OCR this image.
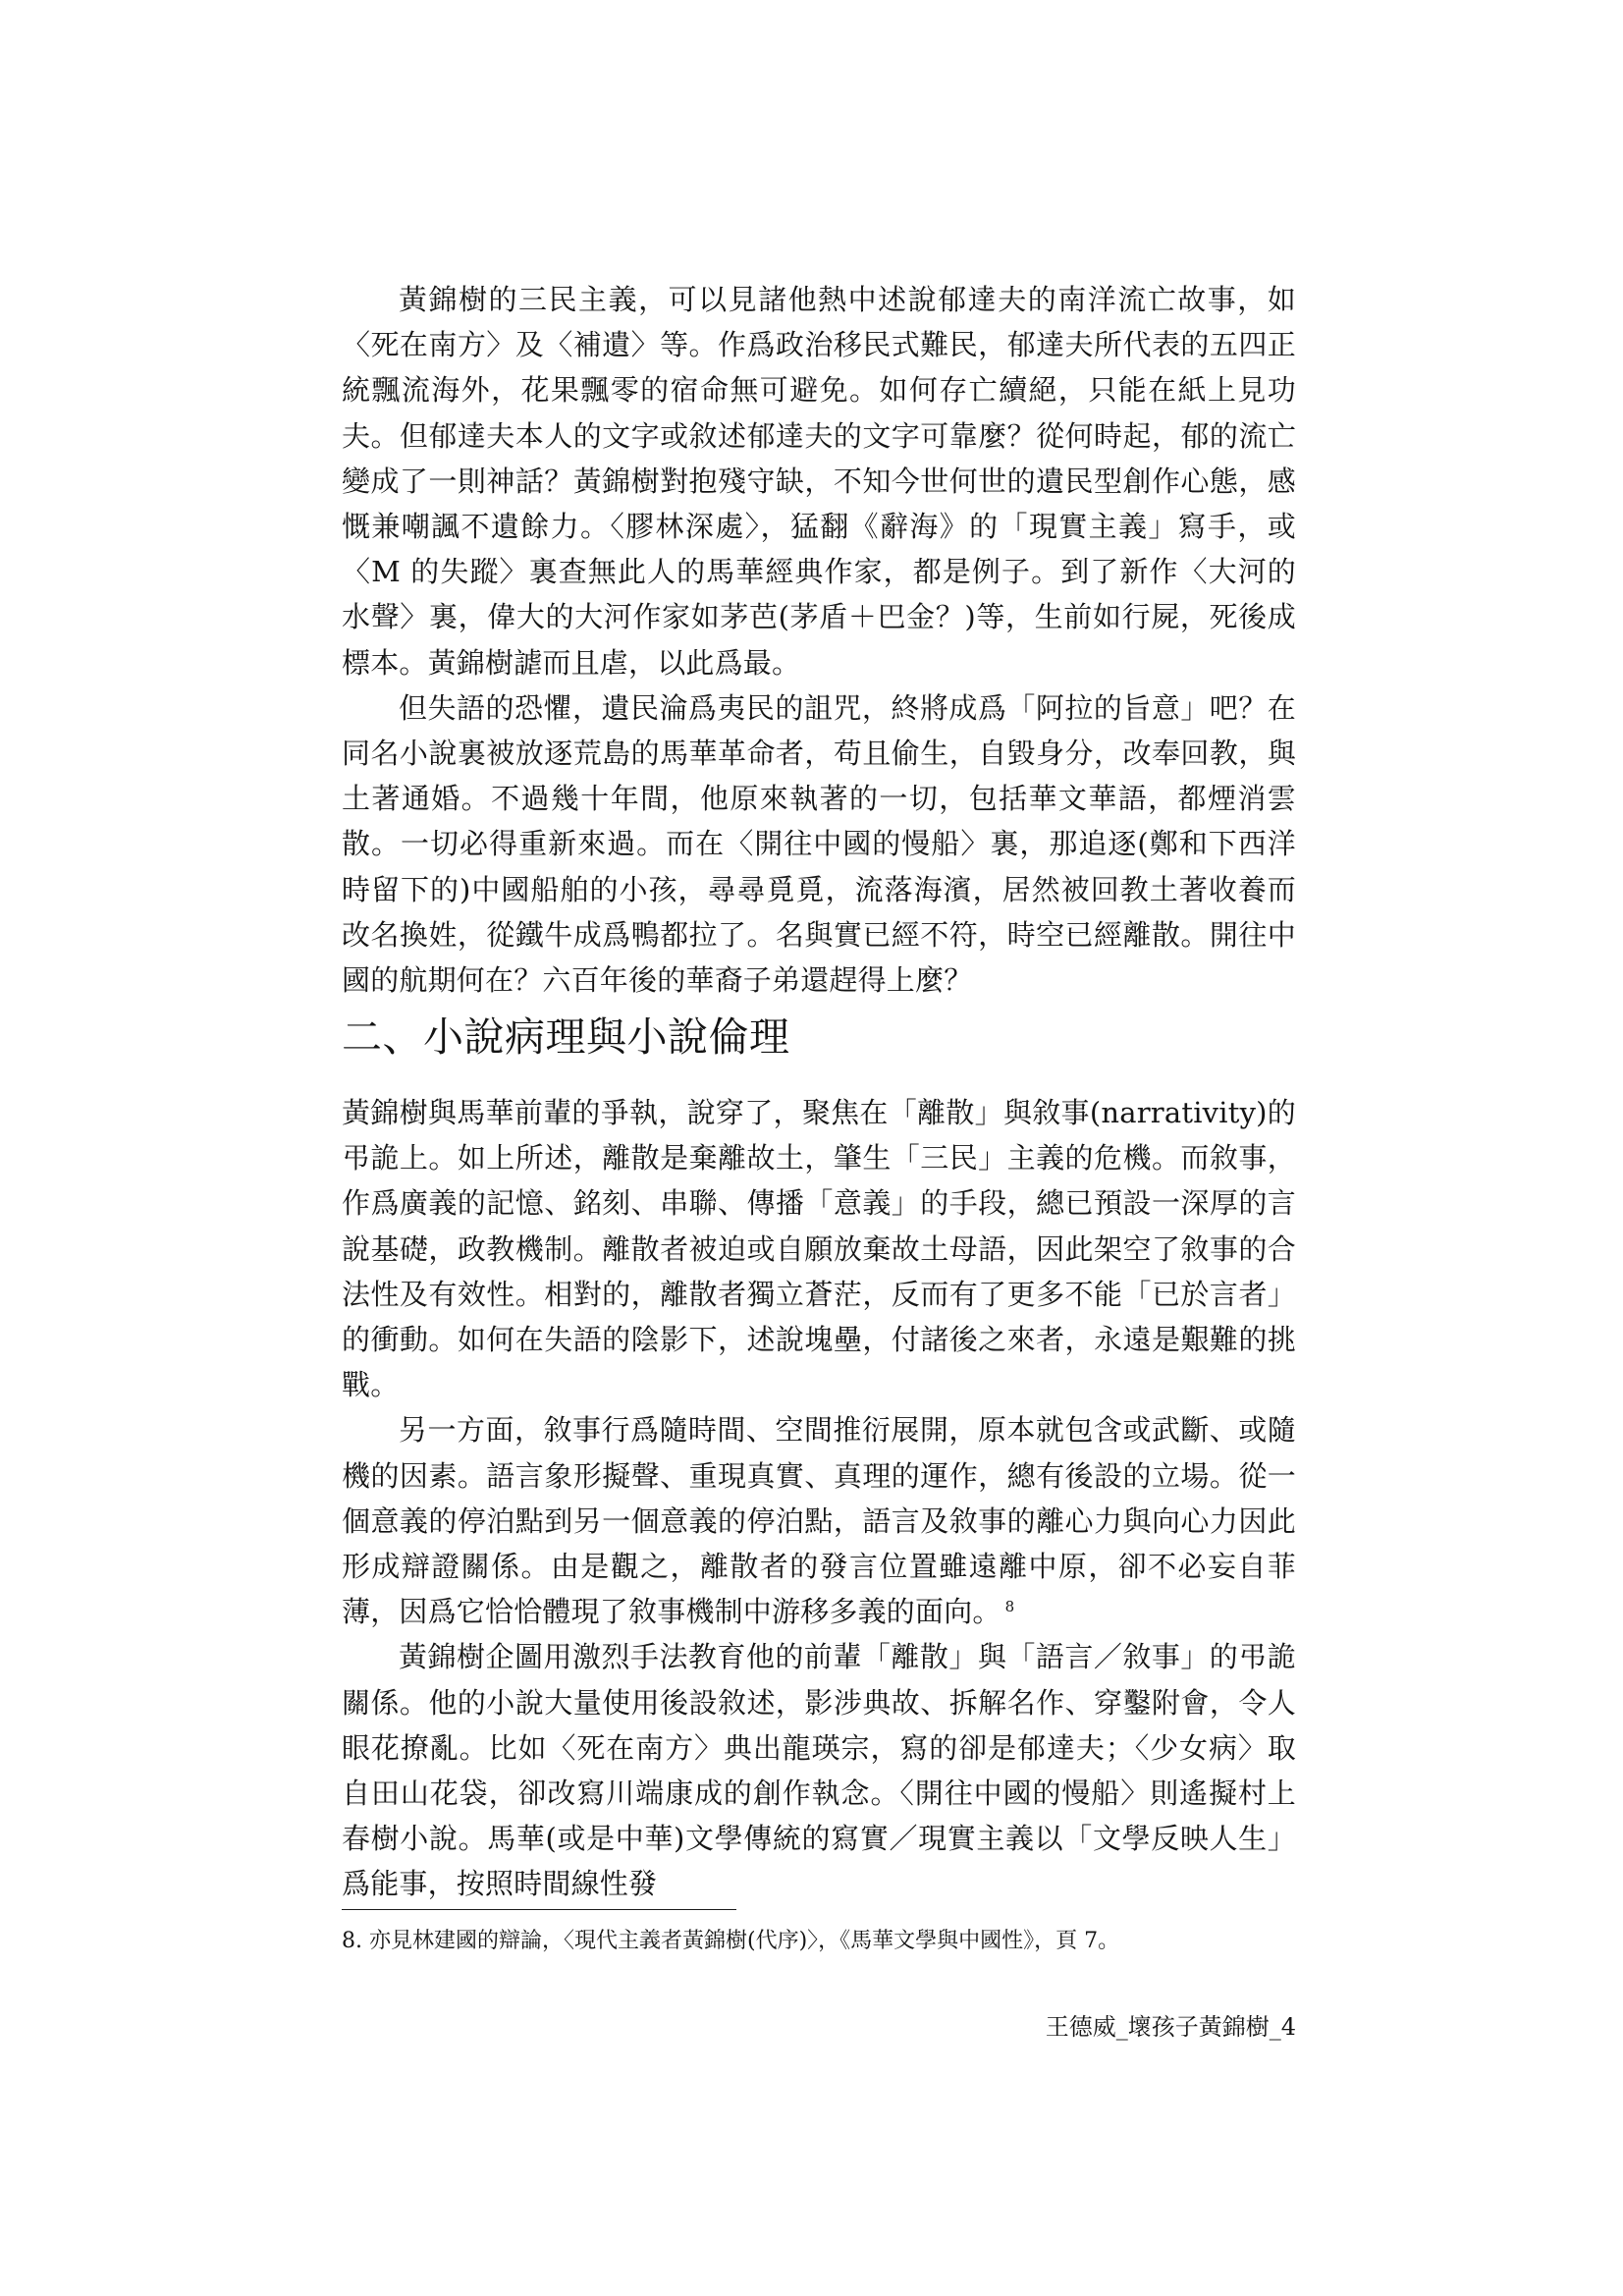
黃錦樹的三民主義，可以見諸他熱中述說郁達夫的南洋流亡故事，如〈死在南方〉及〈補遺〉等。作爲政治移民式難民，郁達夫所代表的五四正統飄流海外，花果飄零的宿命無可避免。如何存亡續絕，只能在紙上見功夫。但郁達夫本人的文字或敘述郁達夫的文字可靠麼？從何時起，郁的流亡變成了一則神話？黃錦樹對抱殘守缺，不知今世何世的遺民型創作心態，感慨兼嘲諷不遺餘力。〈膠林深處〉，猛翻《辭海》的「現實主義」寫手，或〈M 的失蹤〉裏查無此人的馬華經典作家，都是例子。到了新作〈大河的水聲〉裏，偉大的大河作家如茅芭(茅盾＋巴金？)等，生前如行屍，死後成標本。黃錦樹謔而且虐，以此爲最。

但失語的恐懼，遺民淪爲夷民的詛咒，終將成爲「阿拉的旨意」吧？在同名小說裏被放逐荒島的馬華革命者，苟且偷生，自毀身分，改奉回教，與土著通婚。不過幾十年間，他原來執著的一切，包括華文華語，都煙消雲散。一切必得重新來過。而在〈開往中國的慢船〉裏，那追逐(鄭和下西洋時留下的)中國船舶的小孩，尋尋覓覓，流落海濱，居然被回教土著收養而改名換姓，從鐵牛成爲鴨都拉了。名與實已經不符，時空已經離散。開往中國的航期何在？六百年後的華裔子弟還趕得上麼？

二、小說病理與小說倫理

黃錦樹與馬華前輩的爭執，說穿了，聚焦在「離散」與敘事(narrativity)的弔詭上。如上所述，離散是棄離故土，肇生「三民」主義的危機。而敘事，作爲廣義的記憶、銘刻、串聯、傳播「意義」的手段，總已預設一深厚的言說基礎，政教機制。離散者被迫或自願放棄故土母語，因此架空了敘事的合法性及有效性。相對的，離散者獨立蒼茫，反而有了更多不能「已於言者」的衝動。如何在失語的陰影下，述說塊壘，付諸後之來者，永遠是艱難的挑戰。

另一方面，敘事行爲隨時間、空間推衍展開，原本就包含或武斷、或隨機的因素。語言象形擬聲、重現真實、真理的運作，總有後設的立場。從一個意義的停泊點到另一個意義的停泊點，語言及敘事的離心力與向心力因此形成辯證關係。由是觀之，離散者的發言位置雖遠離中原，卻不必妄自菲薄，因爲它恰恰體現了敘事機制中游移多義的面向。 $^8$

黃錦樹企圖用激烈手法教育他的前輩「離散」與「語言／敘事」的弔詭關係。他的小說大量使用後設敘述，影涉典故、拆解名作、穿鑿附會，令人眼花撩亂。比如〈死在南方〉典出龍瑛宗，寫的卻是郁達夫；〈少女病〉取自田山花袋，卻改寫川端康成的創作執念。〈開往中國的慢船〉則遙擬村上春樹小說。馬華(或是中華)文學傳統的寫實／現實主義以「文學反映人生」爲能事，按照時間線性發

8. 亦見林建國的辯論，〈現代主義者黃錦樹(代序)〉，《馬華文學與中國性》，頁 7。

王德威_壞孩子黃錦樹_4
